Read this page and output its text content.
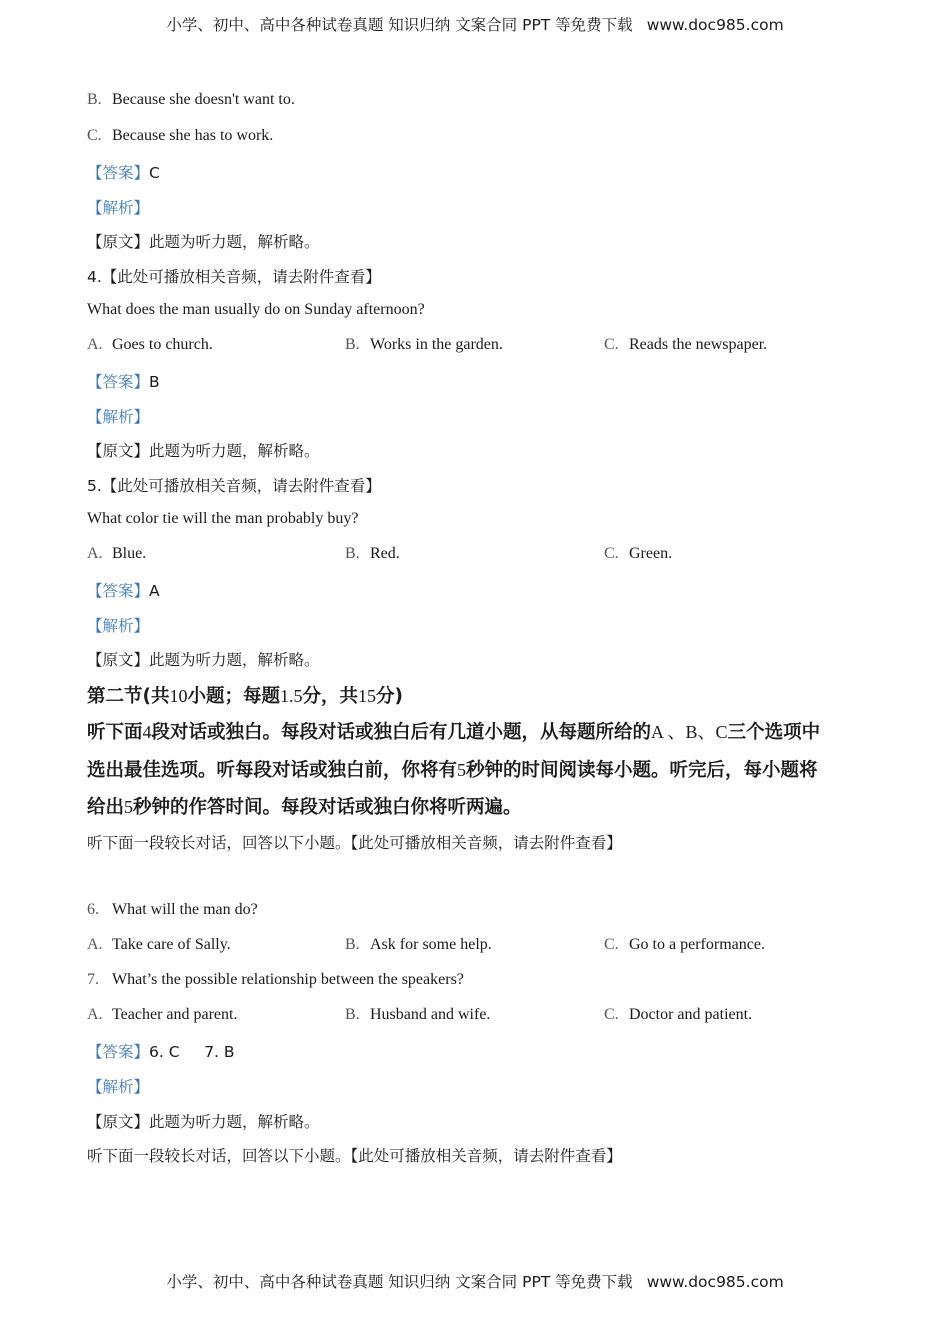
小学、初中、高中各种试卷真题 知识归纳 文案合同 PPT 等免费下载 www.doc985.com
B. Because she doesn't want to.
C. Because she has to work.
【答案】C
【解析】
【原文】此题为听力题，解析略。
4.【此处可播放相关音频，请去附件查看】
What does the man usually do on Sunday afternoon?
A. Goes to church.	B. Works in the garden.	C. Reads the newspaper.
【答案】B
【解析】
【原文】此题为听力题，解析略。
5.【此处可播放相关音频，请去附件查看】
What color tie will the man probably buy?
A. Blue.	B. Red.	C. Green.
【答案】A
【解析】
【原文】此题为听力题，解析略。
第二节(共10小题；每题1.5分，共15分)
听下面4段对话或独白。每段对话或独白后有几道小题，从每题所给的A 、B、C三个选项中
选出最佳选项。听每段对话或独白前，你将有5秒钟的时间阅读每小题。听完后，每小题将
给出5秒钟的作答时间。每段对话或独白你将听两遍。
听下面一段较长对话，回答以下小题。【此处可播放相关音频，请去附件查看】
6. What will the man do?
A. Take care of Sally.	B. Ask for some help.	C. Go to a performance.
7. What’s the possible relationship between the speakers?
A. Teacher and parent.	B. Husband and wife.	C. Doctor and patient.
【答案】6. C     7. B
【解析】
【原文】此题为听力题，解析略。
听下面一段较长对话，回答以下小题。【此处可播放相关音频，请去附件查看】
小学、初中、高中各种试卷真题 知识归纳 文案合同 PPT 等免费下载 www.doc985.com
